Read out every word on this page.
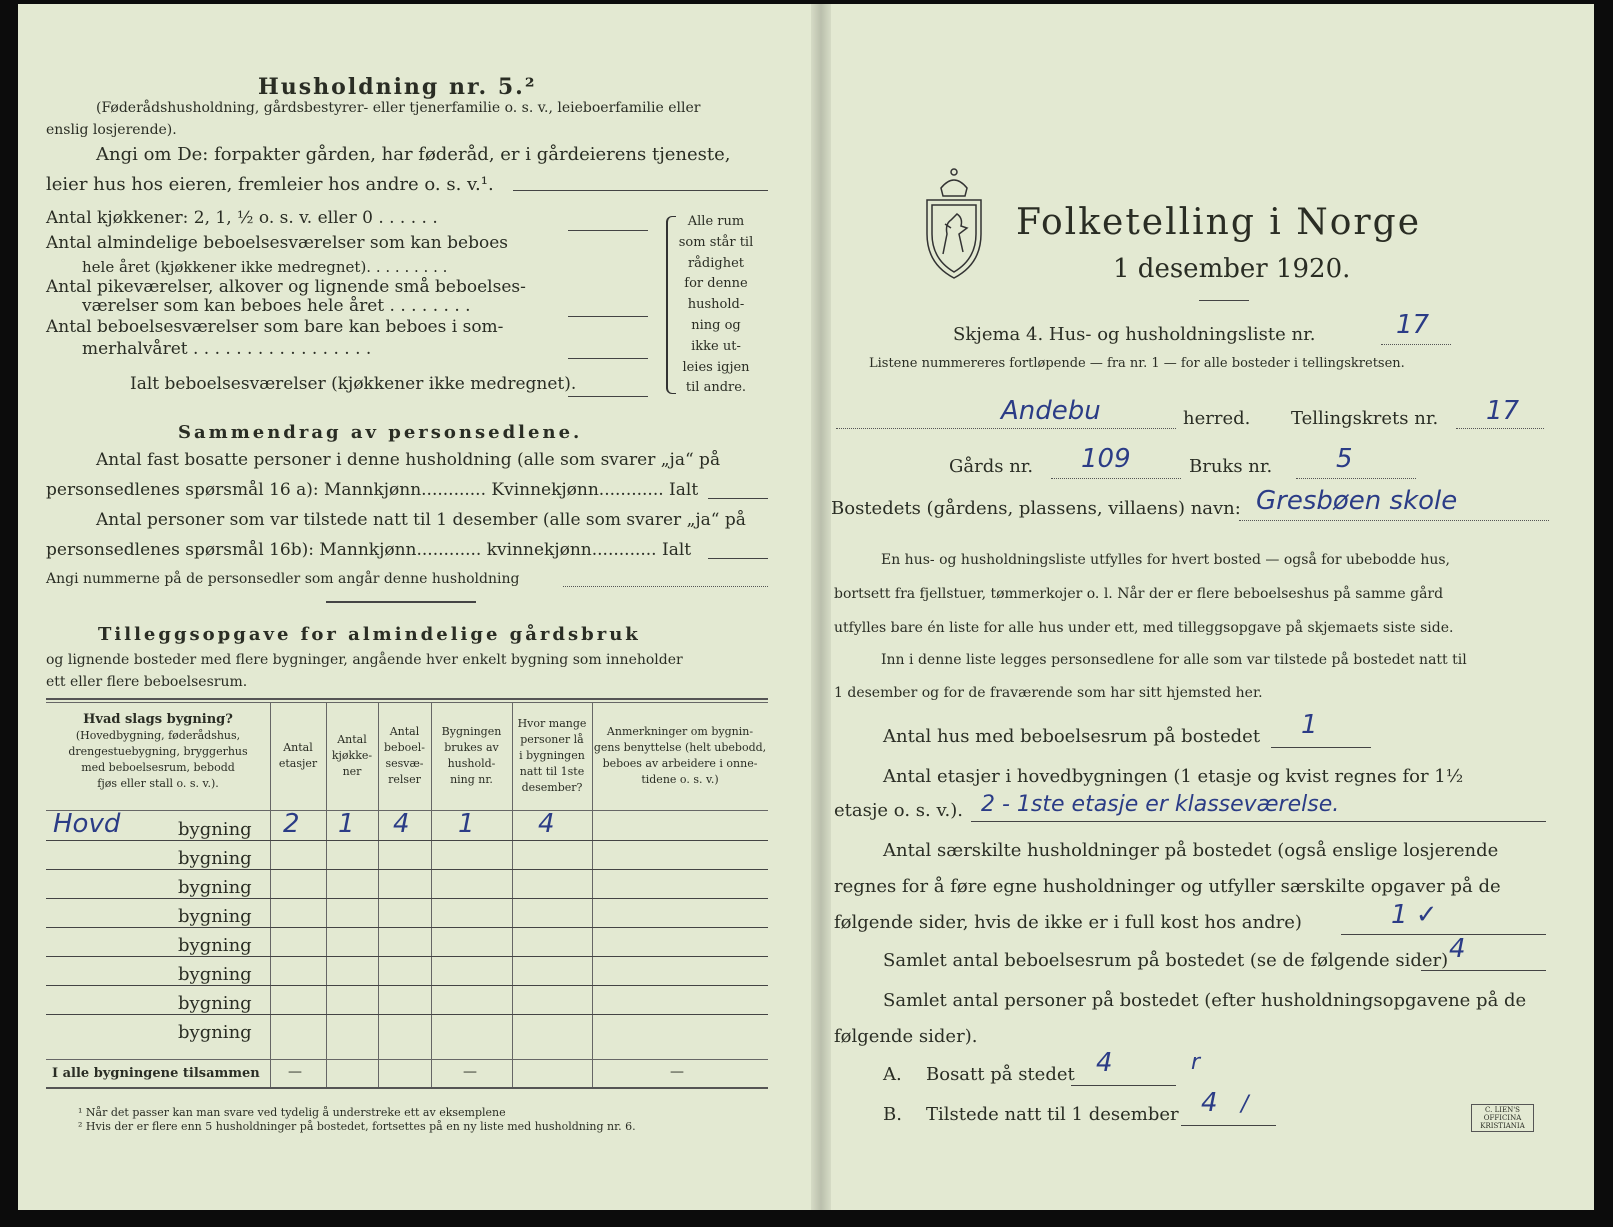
Husholdning nr. 5.²
(Føderådshusholdning, gårdsbestyrer- eller tjenerfamilie o. s. v., leieboerfamilie eller
enslig losjerende).
Angi om De: forpakter gården, har føderåd, er i gårdeierens tjeneste,
leier hus hos eieren, fremleier hos andre o. s. v.¹.
Antal kjøkkener: 2, 1, ½ o. s. v. eller 0 . . . . . .
Antal almindelige beboelsesværelser som kan beboes
hele året (kjøkkener ikke medregnet). . . . . . . . .
Antal pikeværelser, alkover og lignende små beboelses-
værelser som kan beboes hele året . . . . . . . .
Antal beboelsesværelser som bare kan beboes i som-
merhalvåret . . . . . . . . . . . . . . . . .
Ialt beboelsesværelser (kjøkkener ikke medregnet).
Alle rum
som står til
rådighet
for denne
hushold-
ning og
ikke ut-
leies igjen
til andre.
Sammendrag av personsedlene.
Antal fast bosatte personer i denne husholdning (alle som svarer „ja“ på
personsedlenes spørsmål 16 a): Mannkjønn............ Kvinnekjønn............ Ialt
Antal personer som var tilstede natt til 1 desember (alle som svarer „ja“ på
personsedlenes spørsmål 16b): Mannkjønn............ kvinnekjønn............ Ialt
Angi nummerne på de personsedler som angår denne husholdning
Tilleggsopgave for almindelige gårdsbruk
og lignende bosteder med flere bygninger, angående hver enkelt bygning som inneholder
ett eller flere beboelsesrum.
Hvad slags bygning?
(Hovedbygning, føderådshus,
drengestuebygning, bryggerhus
med beboelsesrum, bebodd
fjøs eller stall o. s. v.).
Antal
etasjer
Antal
kjøkke-
ner
Antal
beboel-
sesvæ-
relser
Bygningen
brukes av
hushold-
ning nr.
Hvor mange
personer lå
i bygningen
natt til 1ste
desember?
Anmerkninger om bygnin-
gens benyttelse (helt ubebodd,
beboes av arbeidere i onne-
tidene o. s. v.)
Hovd	bygning 2 1 4 1 4
bygning
bygning
bygning
bygning
bygning
bygning
bygning
I alle bygningene tilsammen —	—	—
¹ Når det passer kan man svare ved tydelig å understreke ett av eksemplene
² Hvis der er flere enn 5 husholdninger på bostedet, fortsettes på en ny liste med husholdning nr. 6.
Folketelling i Norge
1 desember 1920.
Skjema 4. Hus- og husholdningsliste nr.	17
Listene nummereres fortløpende — fra nr. 1 — for alle bosteder i tellingskretsen.
Andebu	herred. Tellingskrets nr. 17
Gårds nr. 109	Bruks nr. 5
Bostedets (gårdens, plassens, villaens) navn: Gresbøen skole
En hus- og husholdningsliste utfylles for hvert bosted — også for ubebodde hus,
bortsett fra fjellstuer, tømmerkojer o. l. Når der er flere beboelseshus på samme gård
utfylles bare én liste for alle hus under ett, med tilleggsopgave på skjemaets siste side.
Inn i denne liste legges personsedlene for alle som var tilstede på bostedet natt til
1 desember og for de fraværende som har sitt hjemsted her.
Antal hus med beboelsesrum på bostedet 1
Antal etasjer i hovedbygningen (1 etasje og kvist regnes for 1½
etasje o. s. v.). 2 - 1ste etasje er klasseværelse.
Antal særskilte husholdninger på bostedet (også enslige losjerende
regnes for å føre egne husholdninger og utfyller særskilte opgaver på de
følgende sider, hvis de ikke er i full kost hos andre)	1 ✓
Samlet antal beboelsesrum på bostedet (se de følgende sider) 4
Samlet antal personer på bostedet (efter husholdningsopgavene på de
følgende sider).
A. Bosatt på stedet 4	r
B. Tilstede natt til 1 desember 4 /	C. LIEN'S OFFICINA KRISTIANIA
